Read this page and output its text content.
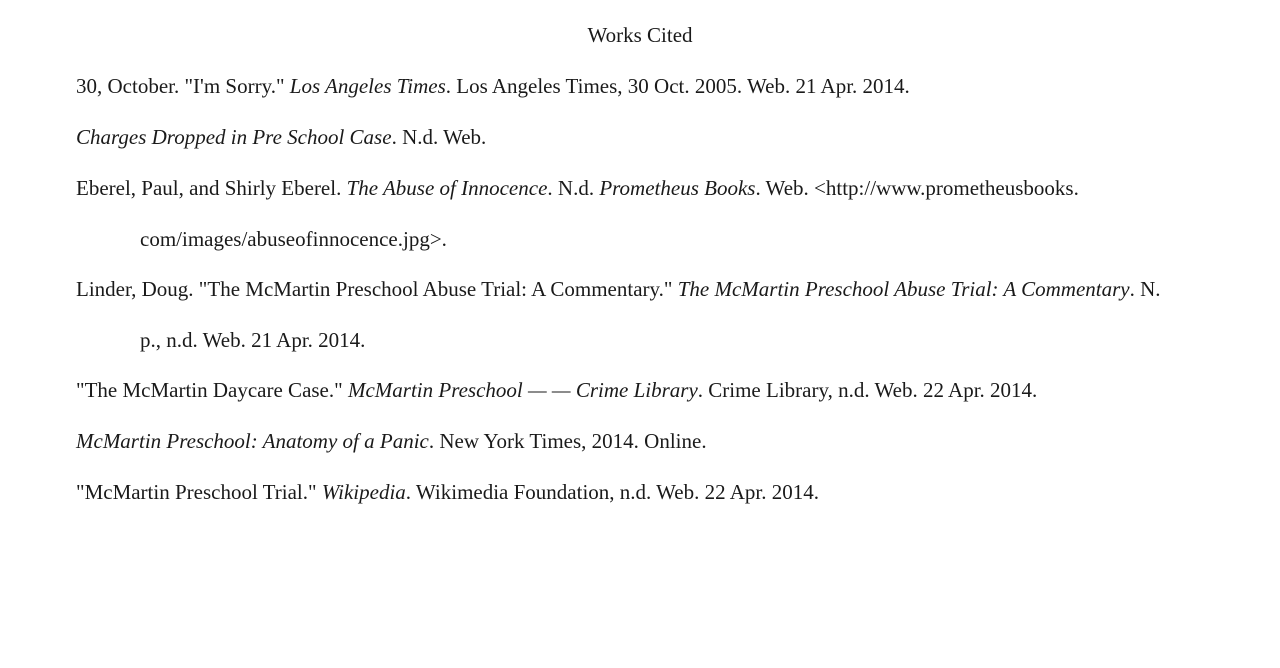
Works Cited
30, October. "I'm Sorry." Los Angeles Times. Los Angeles Times, 30 Oct. 2005. Web. 21 Apr. 2014.
Charges Dropped in Pre School Case. N.d. Web.
Eberel, Paul, and Shirly Eberel. The Abuse of Innocence. N.d. Prometheus Books. Web. <http://www.prometheusbooks.
com/images/abuseofinnocence.jpg>.
Linder, Doug. "The McMartin Preschool Abuse Trial: A Commentary." The McMartin Preschool Abuse Trial: A Commentary. N.
p., n.d. Web. 21 Apr. 2014.
"The McMartin Daycare Case." McMartin Preschool — — Crime Library. Crime Library, n.d. Web. 22 Apr. 2014.
McMartin Preschool: Anatomy of a Panic. New York Times, 2014. Online.
"McMartin Preschool Trial." Wikipedia. Wikimedia Foundation, n.d. Web. 22 Apr. 2014.
